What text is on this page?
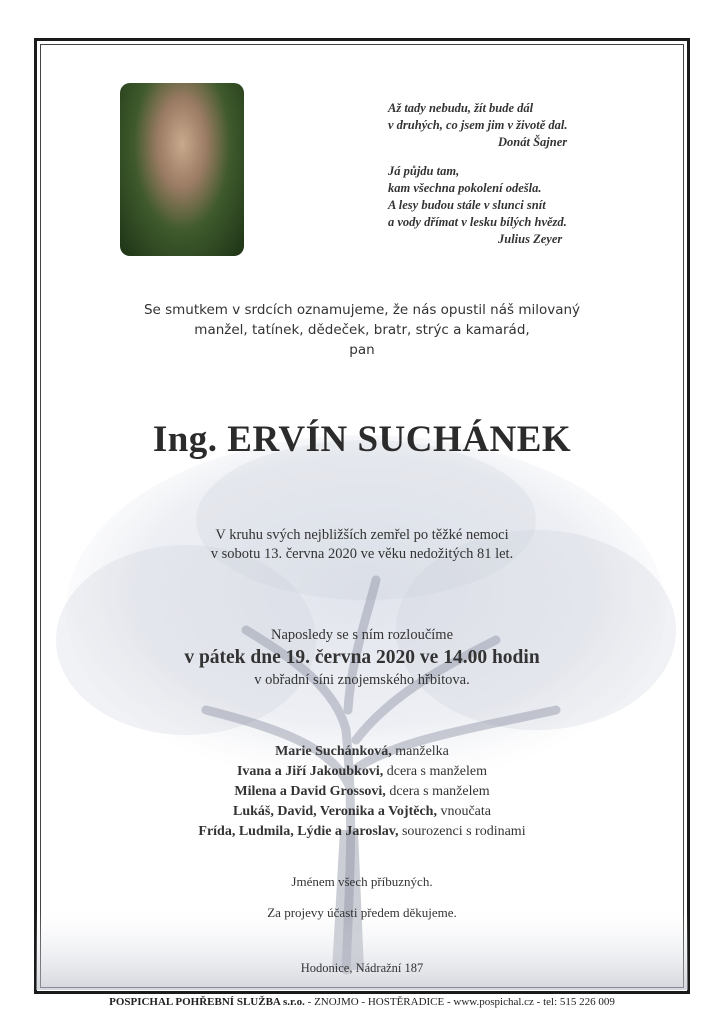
Až tady nebudu, žít bude dál
v druhých, co jsem jim v životě dal.
Donát Šajner
Já půjdu tam,
kam všechna pokolení odešla.
A lesy budou stále v slunci snít
a vody dřímat v lesku bílých hvězd.
Julius Zeyer
Se smutkem v srdcích oznamujeme, že nás opustil náš milovaný
manžel, tatínek, dědeček, bratr, strýc a kamarád,
pan
Ing. ERVÍN SUCHÁNEK
V kruhu svých nejbližších zemřel po těžké nemoci
v sobotu 13. června 2020 ve věku nedožitých 81 let.
Naposledy se s ním rozloučíme
v pátek dne 19. června 2020 ve 14.00 hodin
v obřadní síni znojemského hřbitova.
Marie Suchánková, manželka
Ivana a Jiří Jakoubkovi, dcera s manželem
Milena a David Grossovi, dcera s manželem
Lukáš, David, Veronika a Vojtěch, vnoučata
Frída, Ludmila, Lýdie a Jaroslav, sourozenci s rodinami
Jménem všech příbuzných.
Za projevy účasti předem děkujeme.
Hodonice, Nádražní 187
POSPICHAL POHŘEBNÍ SLUŽBA s.r.o. - ZNOJMO - HOSTĚRADICE - www.pospichal.cz - tel: 515 226 009
